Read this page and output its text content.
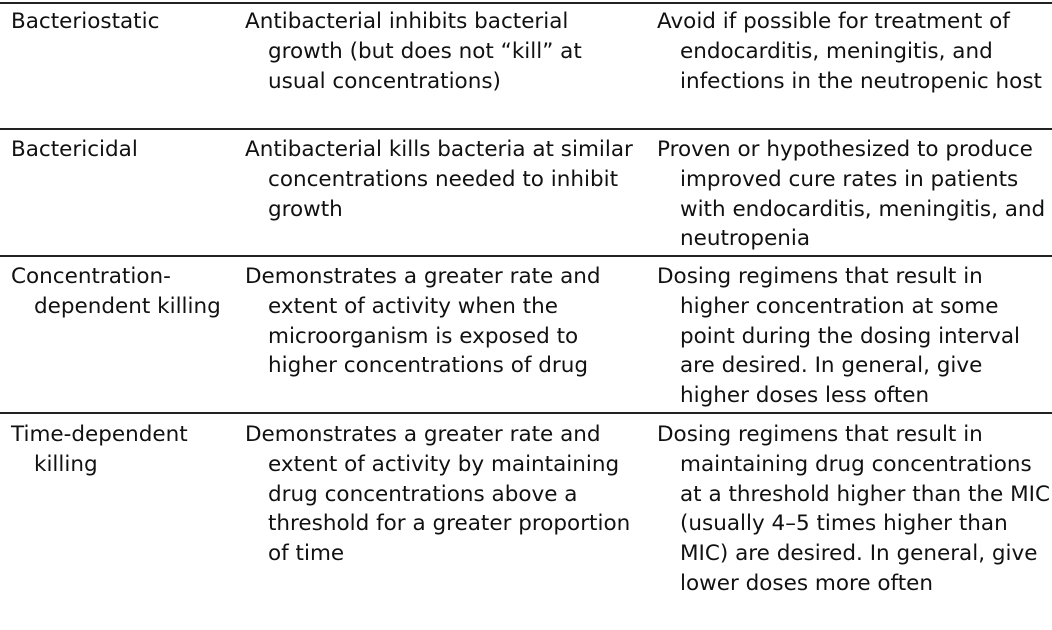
Bacteriostatic	Antibacterial inhibits bacterial growth (but does not “kill” at usual concentrations)

Avoid if possible for treatment of endocarditis, meningitis, and infections in the neutropenic host

Bactericidal	Antibacterial kills bacteria at similar concentrations needed to inhibit growth

Proven or hypothesized to produce improved cure rates in patients with endocarditis, meningitis, and neutropenia

Concentration-dependent killing

Demonstrates a greater rate and extent of activity when the microorganism is exposed to higher concentrations of drug

Dosing regimens that result in higher concentration at some point during the dosing interval are desired. In general, give higher doses less often

Time-dependent killing

Demonstrates a greater rate and extent of activity by maintaining drug concentrations above a threshold for a greater proportion of time

Dosing regimens that result in maintaining drug concentrations at a threshold higher than the MIC (usually 4–5 times higher than MIC) are desired. In general, give lower doses more often
